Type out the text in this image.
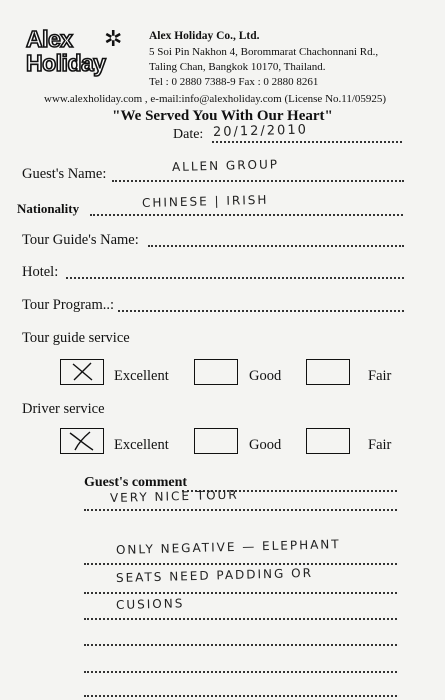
Alex ✲
Holiday
Alex Holiday Co., Ltd.
5 Soi Pin Nakhon 4, Borommarat Chachonnani Rd.,
Taling Chan, Bangkok 10170, Thailand.
Tel : 0 2880 7388-9 Fax : 0 2880 8261
www.alexholiday.com , e-mail:info@alexholiday.com (License No.11/05925)
"We Served You With Our Heart"
Date: 20/12/2010
Guest's Name:
ALLEN GROUP
Nationality	CHINESE | IRISH
Tour Guide's Name:
Hotel:
Tour Program..:
Tour guide service
Excellent	Good	Fair
Driver service
Excellent	Good	Fair
Guest's comment
VERY NICE TOUR
ONLY NEGATIVE — ELEPHANT
SEATS NEED PADDING OR
CUSIONS
